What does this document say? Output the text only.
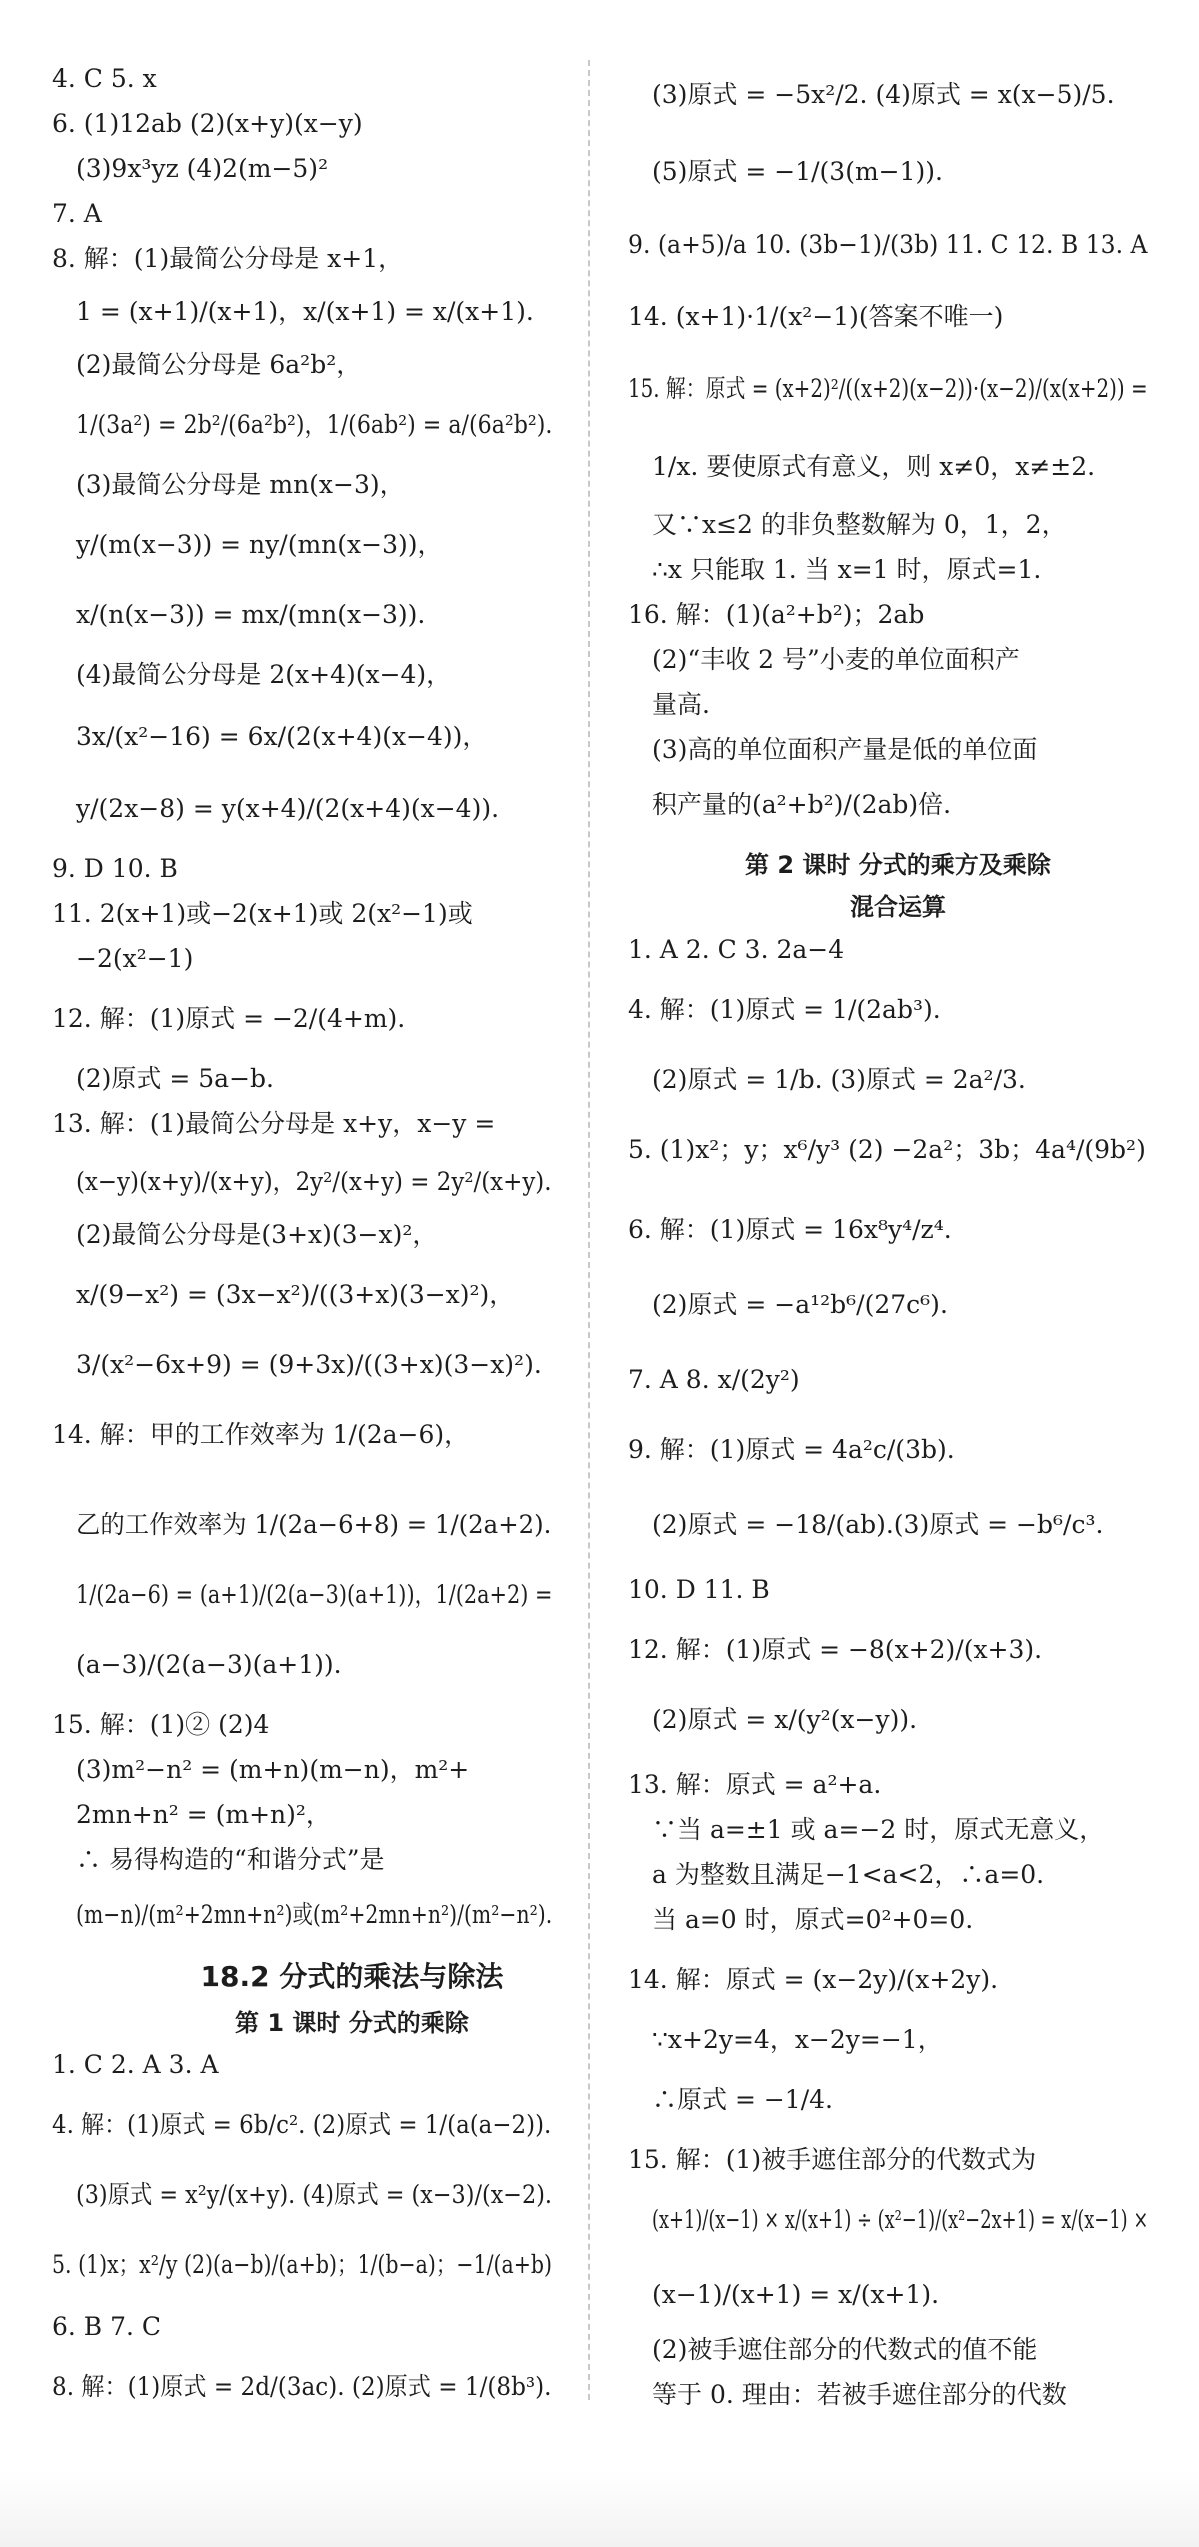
4. C 5. x
6. (1)12ab (2)(x+y)(x−y)
(3)9x³yz (4)2(m−5)²
7. A
8. 解：(1)最简公分母是 x+1，
1 = (x+1)/(x+1)，x/(x+1) = x/(x+1).
(2)最简公分母是 6a²b²，
1/(3a²) = 2b²/(6a²b²)，1/(6ab²) = a/(6a²b²).
(3)最简公分母是 mn(x−3)，
y/(m(x−3)) = ny/(mn(x−3))，
x/(n(x−3)) = mx/(mn(x−3)).
(4)最简公分母是 2(x+4)(x−4)，
3x/(x²−16) = 6x/(2(x+4)(x−4))，
y/(2x−8) = y(x+4)/(2(x+4)(x−4)).
9. D 10. B
11. 2(x+1)或−2(x+1)或 2(x²−1)或
−2(x²−1)
12. 解：(1)原式 = −2/(4+m).
(2)原式 = 5a−b.
13. 解：(1)最简公分母是 x+y，x−y =
(x−y)(x+y)/(x+y)，2y²/(x+y) = 2y²/(x+y).
(2)最简公分母是(3+x)(3−x)²，
x/(9−x²) = (3x−x²)/((3+x)(3−x)²)，
3/(x²−6x+9) = (9+3x)/((3+x)(3−x)²).
14. 解：甲的工作效率为 1/(2a−6)，
乙的工作效率为 1/(2a−6+8) = 1/(2a+2).
1/(2a−6) = (a+1)/(2(a−3)(a+1))，1/(2a+2) =
(a−3)/(2(a−3)(a+1)).
15. 解：(1)② (2)4
(3)m²−n² = (m+n)(m−n)，m²+
2mn+n² = (m+n)²，
∴ 易得构造的“和谐分式”是
(m−n)/(m²+2mn+n²)或(m²+2mn+n²)/(m²−n²).
18.2 分式的乘法与除法
第 1 课时 分式的乘除
1. C 2. A 3. A
4. 解：(1)原式 = 6b/c². (2)原式 = 1/(a(a−2)).
(3)原式 = x²y/(x+y). (4)原式 = (x−3)/(x−2).
5. (1)x；x²/y (2)(a−b)/(a+b)；1/(b−a)；−1/(a+b)
6. B 7. C
8. 解：(1)原式 = 2d/(3ac). (2)原式 = 1/(8b³).
(3)原式 = −5x²/2. (4)原式 = x(x−5)/5.
(5)原式 = −1/(3(m−1)).
9. (a+5)/a 10. (3b−1)/(3b) 11. C 12. B 13. A
14. (x+1)·1/(x²−1)(答案不唯一)
15. 解：原式 = (x+2)²/((x+2)(x−2))·(x−2)/(x(x+2)) =
1/x. 要使原式有意义，则 x≠0，x≠±2.
又∵x≤2 的非负整数解为 0，1，2，
∴x 只能取 1. 当 x=1 时，原式=1.
16. 解：(1)(a²+b²)；2ab
(2)“丰收 2 号”小麦的单位面积产
量高.
(3)高的单位面积产量是低的单位面
积产量的(a²+b²)/(2ab)倍.
第 2 课时 分式的乘方及乘除
混合运算
1. A 2. C 3. 2a−4
4. 解：(1)原式 = 1/(2ab³).
(2)原式 = 1/b. (3)原式 = 2a²/3.
5. (1)x²；y；x⁶/y³ (2) −2a²；3b；4a⁴/(9b²)
6. 解：(1)原式 = 16x⁸y⁴/z⁴.
(2)原式 = −a¹²b⁶/(27c⁶).
7. A 8. x/(2y²)
9. 解：(1)原式 = 4a²c/(3b).
(2)原式 = −18/(ab).(3)原式 = −b⁶/c³.
10. D 11. B
12. 解：(1)原式 = −8(x+2)/(x+3).
(2)原式 = x/(y²(x−y)).
13. 解：原式 = a²+a.
∵当 a=±1 或 a=−2 时，原式无意义，
a 为整数且满足−1<a<2，∴a=0.
当 a=0 时，原式=0²+0=0.
14. 解：原式 = (x−2y)/(x+2y).
∵x+2y=4，x−2y=−1，
∴原式 = −1/4.
15. 解：(1)被手遮住部分的代数式为
(x+1)/(x−1) × x/(x+1) ÷ (x²−1)/(x²−2x+1) = x/(x−1) ×
(x−1)/(x+1) = x/(x+1).
(2)被手遮住部分的代数式的值不能
等于 0. 理由：若被手遮住部分的代数
